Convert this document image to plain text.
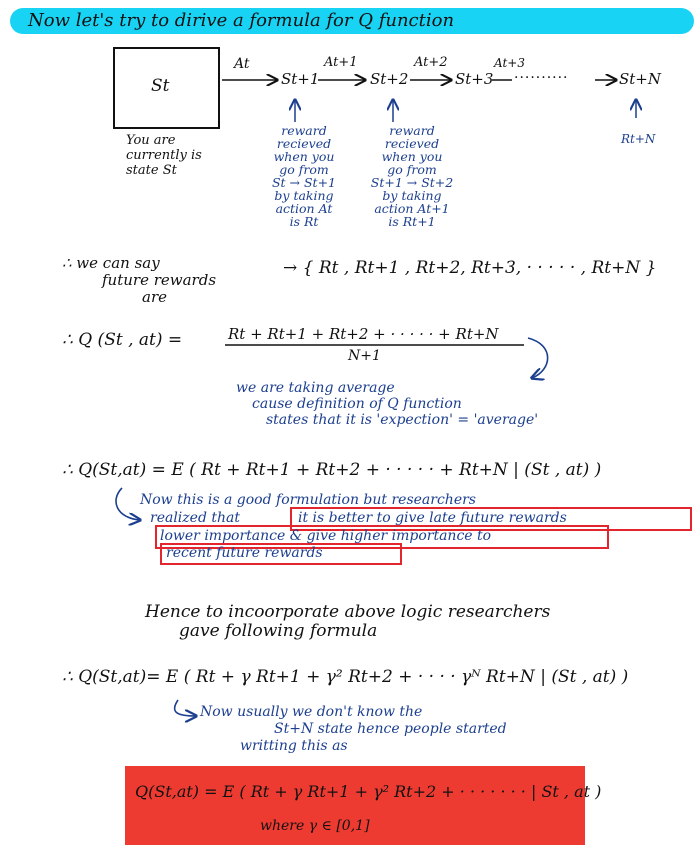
Now let's try to dirive a formula for Q function
St
At	At+1	At+2	At+3
St+1	St+2	St+3 ··········	St+N
Rt+N
You are
currently is
state St
reward
recieved
when you
go from
St → St+1
by taking
action At
is Rt
reward
recieved
when you
go from
St+1 → St+2
by taking
action At+1
is Rt+1
∴ we can say
future rewards
are
→ { Rt , Rt+1 , Rt+2, Rt+3, · · · · · , Rt+N }
∴ Q (St , at) =	Rt + Rt+1 + Rt+2 + · · · · · + Rt+N
N+1
we are taking average
cause definition of Q function
states that it is 'expection' = 'average'
∴ Q(St,at) = E ( Rt + Rt+1 + Rt+2 + · · · · · + Rt+N | (St , at) )
Now this is a good formulation but researchers
realized that	it is better to give late future rewards
lower importance & give higher importance to
recent future rewards
Hence to incoorporate above logic researchers
gave following formula
∴ Q(St,at)= E ( Rt + γ Rt+1 + γ² Rt+2 + · · · · γᴺ Rt+N | (St , at) )
Now usually we don't know the
St+N state hence people started
writting this as
Q(St,at) = E ( Rt + γ Rt+1 + γ² Rt+2 + · · · · · · · | St , at )
where γ ∈ [0,1]
